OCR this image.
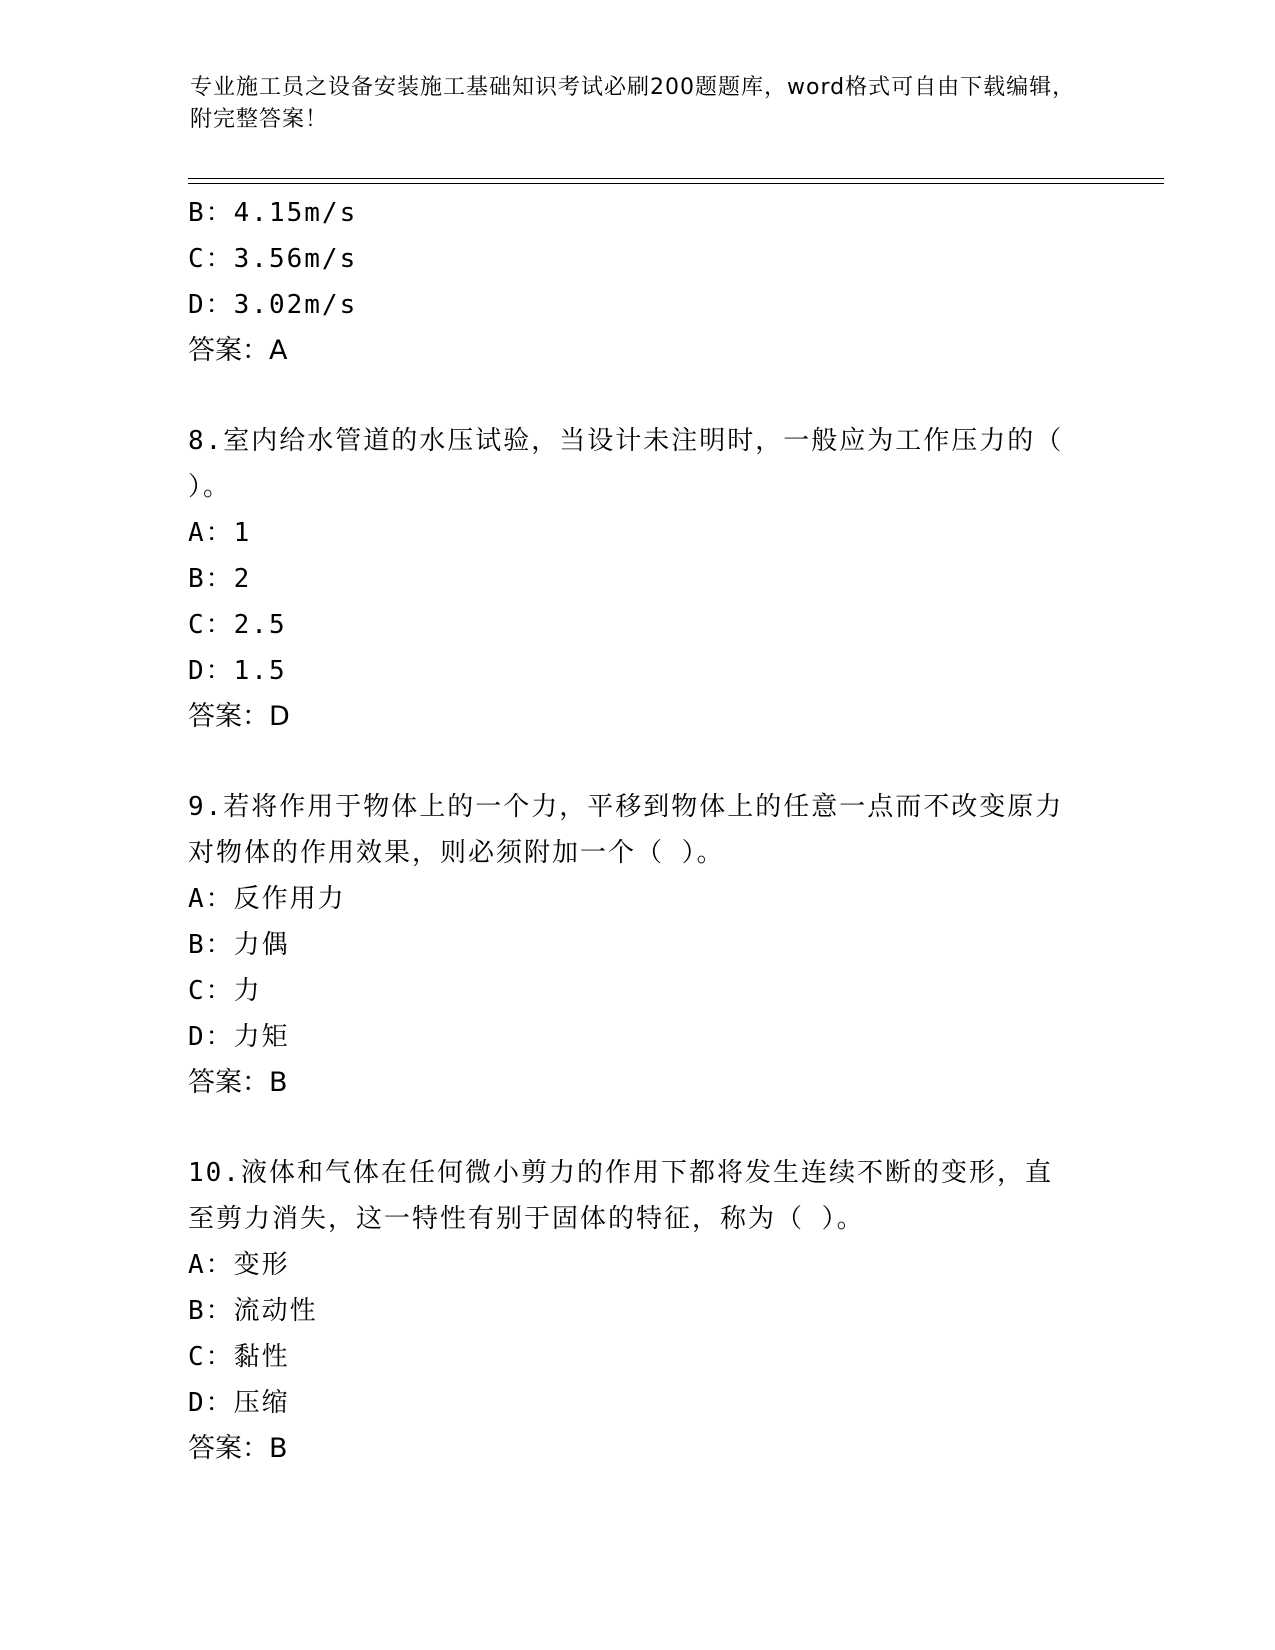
专业施工员之设备安装施工基础知识考试必刷200题题库，word格式可自由下载编辑，附完整答案！
B：4.15m/s
C：3.56m/s
D：3.02m/s
答案：A
8.室内给水管道的水压试验，当设计未注明时，一般应为工作压力的（ ）。
A：1
B：2
C：2.5
D：1.5
答案：D
9.若将作用于物体上的一个力，平移到物体上的任意一点而不改变原力对物体的作用效果，则必须附加一个（ ）。
A：反作用力
B：力偶
C：力
D：力矩
答案：B
10.液体和气体在任何微小剪力的作用下都将发生连续不断的变形，直至剪力消失，这一特性有别于固体的特征，称为（ ）。
A：变形
B：流动性
C：黏性
D：压缩
答案：B
